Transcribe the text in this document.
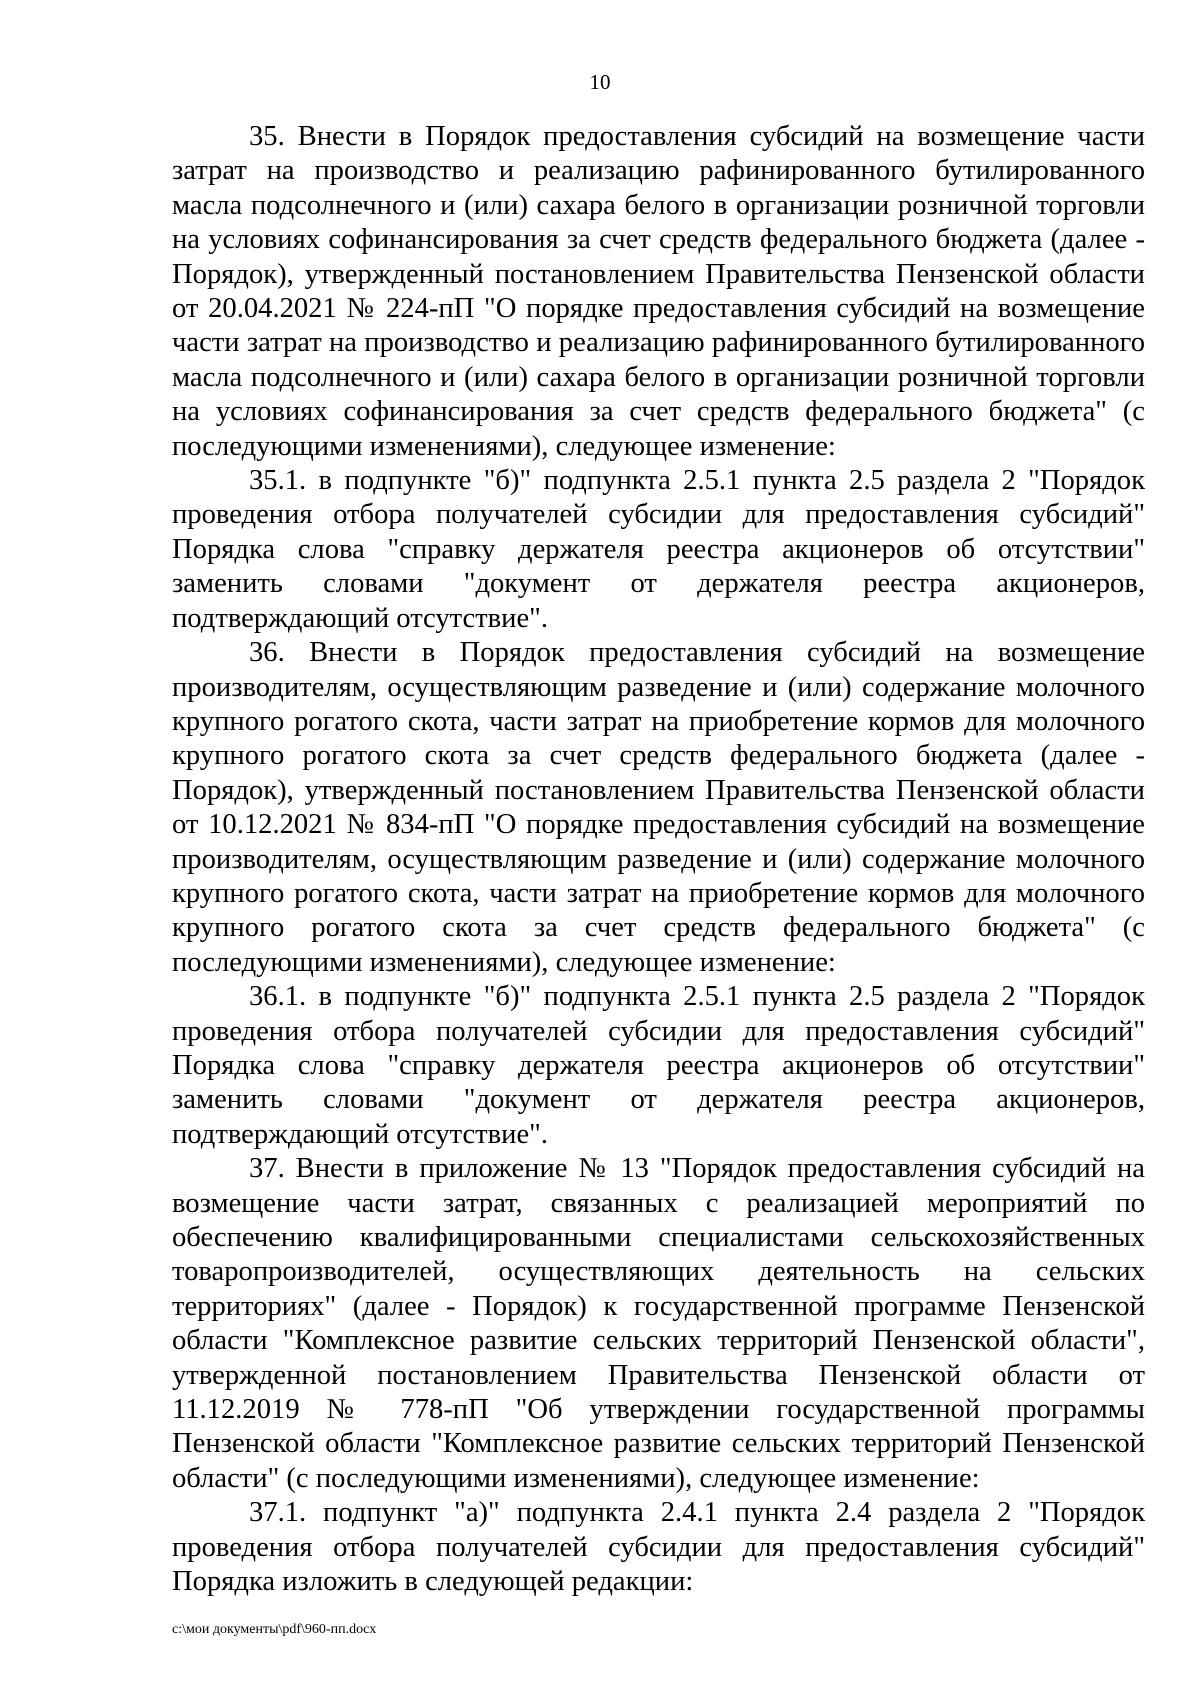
10

35. Внести в Порядок предоставления субсидий на возмещение части затрат на производство и реализацию рафинированного бутилированного масла подсолнечного и (или) сахара белого в организации розничной торговли на условиях софинансирования за счет средств федерального бюджета (далее - Порядок), утвержденный постановлением Правительства Пензенской области от 20.04.2021 № 224-пП "О порядке предоставления субсидий на возмещение части затрат на производство и реализацию рафинированного бутилированного масла подсолнечного и (или) сахара белого в организации розничной торговли на условиях софинансирования за счет средств федерального бюджета" (с последующими изменениями), следующее изменение:

35.1. в подпункте "б)" подпункта 2.5.1 пункта 2.5 раздела 2 "Порядок проведения отбора получателей субсидии для предоставления субсидий" Порядка слова "справку держателя реестра акционеров об отсутствии" заменить словами "документ от держателя реестра акционеров, подтверждающий отсутствие".

36. Внести в Порядок предоставления субсидий на возмещение производителям, осуществляющим разведение и (или) содержание молочного крупного рогатого скота, части затрат на приобретение кормов для молочного крупного рогатого скота за счет средств федерального бюджета (далее - Порядок), утвержденный постановлением Правительства Пензенской области от 10.12.2021 № 834-пП "О порядке предоставления субсидий на возмещение производителям, осуществляющим разведение и (или) содержание молочного крупного рогатого скота, части затрат на приобретение кормов для молочного крупного рогатого скота за счет средств федерального бюджета" (с последующими изменениями), следующее изменение:

36.1. в подпункте "б)" подпункта 2.5.1 пункта 2.5 раздела 2 "Порядок проведения отбора получателей субсидии для предоставления субсидий" Порядка слова "справку держателя реестра акционеров об отсутствии" заменить словами "документ от держателя реестра акционеров, подтверждающий отсутствие".

37. Внести в приложение № 13 "Порядок предоставления субсидий на возмещение части затрат, связанных с реализацией мероприятий по обеспечению квалифицированными специалистами сельскохозяйственных товаропроизводителей, осуществляющих деятельность на сельских территориях" (далее - Порядок) к государственной программе Пензенской области "Комплексное развитие сельских территорий Пензенской области", утвержденной постановлением Правительства Пензенской области от 11.12.2019 № 778-пП "Об утверждении государственной программы Пензенской области "Комплексное развитие сельских территорий Пензенской области" (с последующими изменениями), следующее изменение:

37.1. подпункт "а)" подпункта 2.4.1 пункта 2.4 раздела 2 "Порядок проведения отбора получателей субсидии для предоставления субсидий" Порядка изложить в следующей редакции:

c:\мои документы\pdf\960-пп.docx
